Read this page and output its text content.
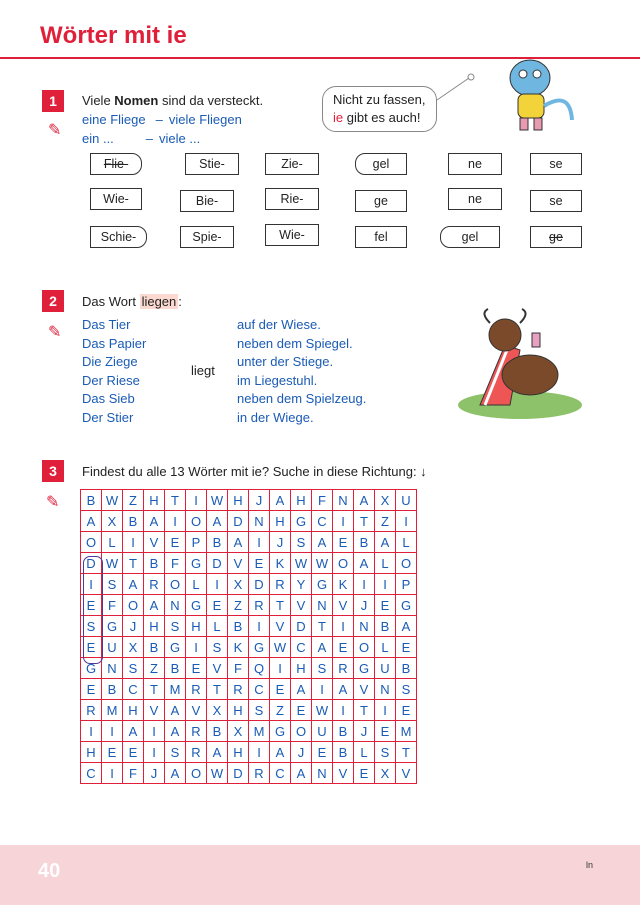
Wörter mit ie
1
✎
Viele Nomen sind da versteckt.
eine Fliege – viele Fliegen
ein ... – viele ...
Nicht zu fassen,
ie gibt es auch!
Flie-
Wie-
Schie-
Stie-
Bie-
Spie-
Zie-
Rie-
Wie-
gel
ge
fel
ne
ne
gel
se
se
ge
2
✎
Das Wort liegen :
Das Tier
Das Papier
Die Ziege
Der Riese
Das Sieb
Der Stier
liegt
auf der Wiese.
neben dem Spiegel.
unter der Stiege.
im Liegestuhl.
neben dem Spielzeug.
in der Wiege.
3
✎
Findest du alle 13 Wörter mit ie? Suche in diese Richtung: ↓
B	W	Z	H	T	I	W	H	J	A	H	F	N	A	X	U
A	X	B	A	I	O	A	D	N	H	G	C	I	T	Z	I
O	L	I	V	E	P	B	A	I	J	S	A	E	B	A	L
D	W	T	B	F	G	D	V	E	K	W	W	O	A	L	O
I	S	A	R	O	L	I	X	D	R	Y	G	K	I	I	P
E	F	O	A	N	G	E	Z	R	T	V	N	V	J	E	G
S	G	J	H	S	H	L	B	I	V	D	T	I	N	B	A
E	U	X	B	G	I	S	K	G	W	C	A	E	O	L	E
G	N	S	Z	B	E	V	F	Q	I	H	S	R	G	U	B
E	B	C	T	M	R	T	R	C	E	A	I	A	V	N	S
R	M	H	V	A	V	X	H	S	Z	E	W	I	T	I	E
I	I	A	I	A	R	B	X	M	G	O	U	B	J	E	M
H	E	E	I	S	R	A	H	I	A	J	E	B	L	S	T
C	I	F	J	A	O	W	D	R	C	A	N	V	E	X	V
40	ln
